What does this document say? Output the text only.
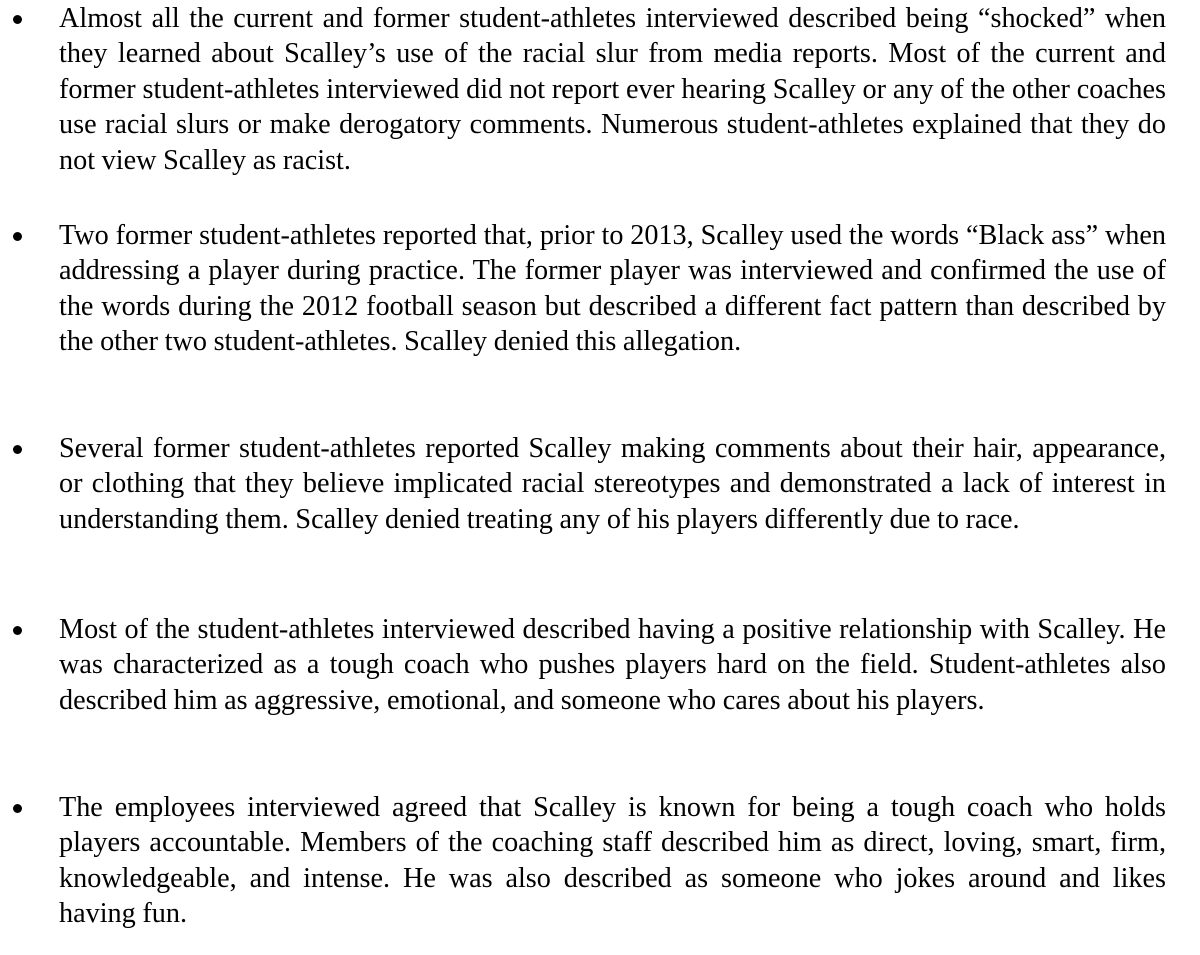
Almost all the current and former student-athletes interviewed described being “shocked” when they learned about Scalley’s use of the racial slur from media reports. Most of the current and former student-athletes interviewed did not report ever hearing Scalley or any of the other coaches use racial slurs or make derogatory comments. Numerous student-athletes explained that they do not view Scalley as racist.

Two former student-athletes reported that, prior to 2013, Scalley used the words “Black ass” when addressing a player during practice. The former player was interviewed and confirmed the use of the words during the 2012 football season but described a different fact pattern than described by the other two student-athletes. Scalley denied this allegation.

Several former student-athletes reported Scalley making comments about their hair, appearance, or clothing that they believe implicated racial stereotypes and demonstrated a lack of interest in understanding them. Scalley denied treating any of his players differently due to race.

Most of the student-athletes interviewed described having a positive relationship with Scalley. He was characterized as a tough coach who pushes players hard on the field. Student-athletes also described him as aggressive, emotional, and someone who cares about his players.

The employees interviewed agreed that Scalley is known for being a tough coach who holds players accountable. Members of the coaching staff described him as direct, loving, smart, firm, knowledgeable, and intense. He was also described as someone who jokes around and likes having fun.
